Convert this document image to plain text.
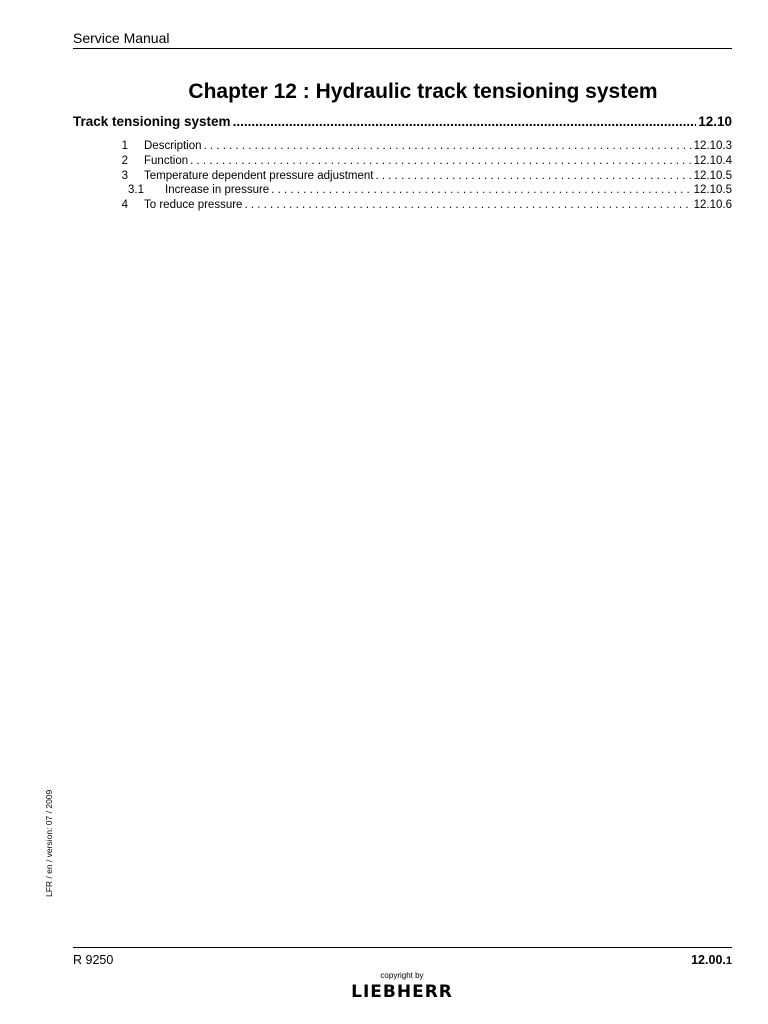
Service Manual
Chapter 12 : Hydraulic track tensioning system
Track tensioning system .....	12.10
1 Description . . .	12.10.3
2 Function . . .	12.10.4
3 Temperature dependent pressure adjustment . . .	12.10.5
3.1	Increase in pressure . . .	12.10.5
4 To reduce pressure . . .	12.10.6
LFR / en / version: 07 / 2009
R 9250	12.00.1
copyright by
LIEBHERR
